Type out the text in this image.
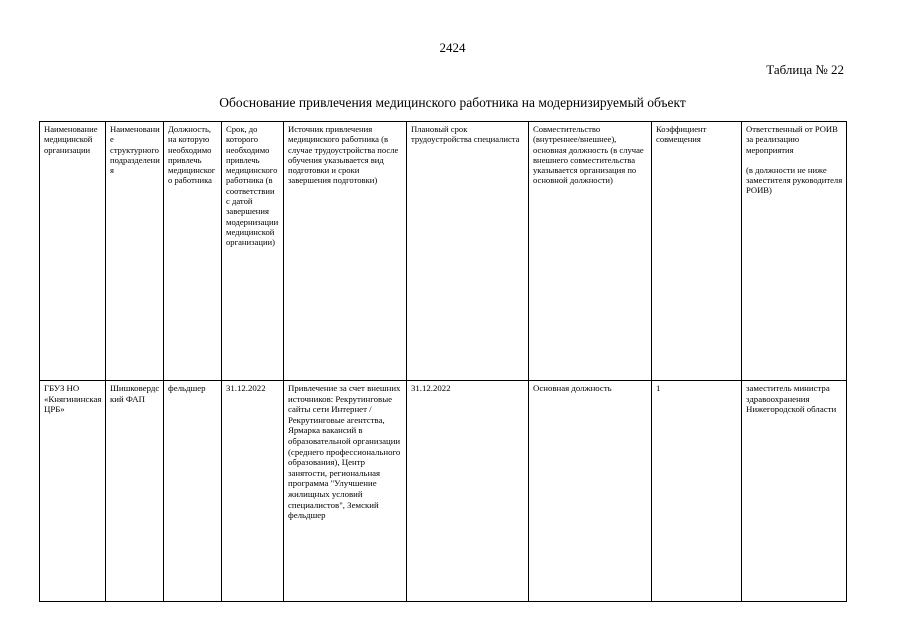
2424
Таблица № 22
Обоснование привлечения медицинского работника на модернизируемый объект
Наименование медицинской организации	Наименование структурного подразделения	Должность, на которую необходимо привлечь медицинского работника	Срок, до которого необходимо привлечь медицинского работника (в соответствии с датой завершения модернизации медицинской организации)	Источник привлечения медицинского работника (в случае трудоустройства после обучения указывается вид подготовки и сроки завершения подготовки)	Плановый срок трудоустройства специалиста	Совместительство (внутреннее/внешнее), основная должность (в случае внешнего совместительства указывается организация по основной должности)	Коэффициент совмещения	Ответственный от РОИВ за реализацию мероприятия
(в должности не ниже заместителя руководителя РОИВ)

ГБУЗ НО «Княгининская ЦРБ»	Шишковердский ФАП	фельдшер	31.12.2022	Привлечение за счет внешних источников: Рекрутинговые сайты сети Интернет / Рекрутинговые агентства, Ярмарка вакансий в образовательной организации (среднего профессионального образования), Центр занятости, региональная программа "Улучшение жилищных условий специалистов", Земский фельдшер	31.12.2022	Основная должность	1	заместитель министра здравоохранения Нижегородской области
